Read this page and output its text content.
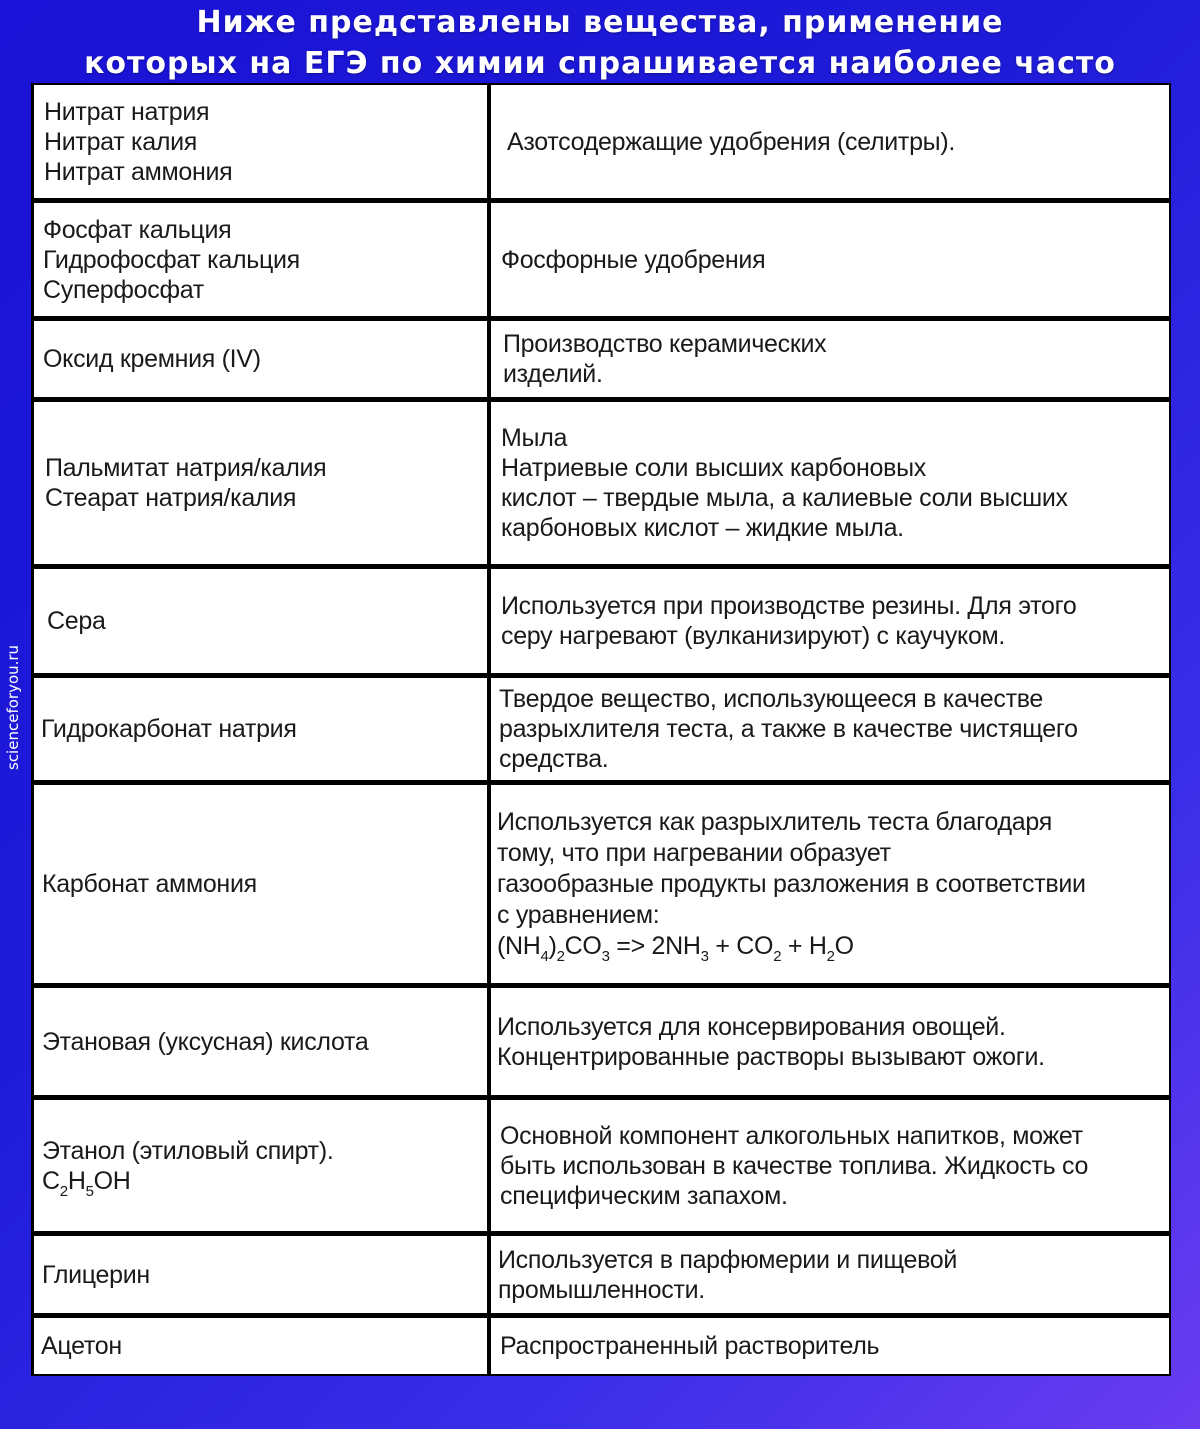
Ниже представлены вещества, применение
которых на ЕГЭ по химии спрашивается наиболее часто
scienceforyou.ru
Нитрат натрия
Нитрат калия
Нитрат аммония
Азотсодержащие удобрения (селитры).
Фосфат кальция
Гидрофосфат кальция
Суперфосфат
Фосфорные удобрения
Оксид кремния (IV)
Производство керамических
изделий.
Пальмитат натрия/калия
Стеарат натрия/калия
Мыла
Натриевые соли высших карбоновых
кислот – твердые мыла, а калиевые соли высших
карбоновых кислот – жидкие мыла.
Сера
Используется при производстве резины. Для этого
серу нагревают (вулканизируют) с каучуком.
Гидрокарбонат натрия
Твердое вещество, использующееся в качестве
разрыхлителя теста, а также в качестве чистящего
средства.
Карбонат аммония
Используется как разрыхлитель теста благодаря
тому, что при нагревании образует
газообразные продукты разложения в соответствии
с уравнением:
$(NH_4)_2CO_3 => 2NH_3 + CO_2 + H_2O$
Этановая (уксусная) кислота
Используется для консервирования овощей.
Концентрированные растворы вызывают ожоги.
Этанол (этиловый спирт).
$C_2H_5OH$
Основной компонент алкогольных напитков, может
быть использован в качестве топлива. Жидкость со
специфическим запахом.
Глицерин
Используется в парфюмерии и пищевой
промышленности.
Ацетон	Распространенный растворитель
